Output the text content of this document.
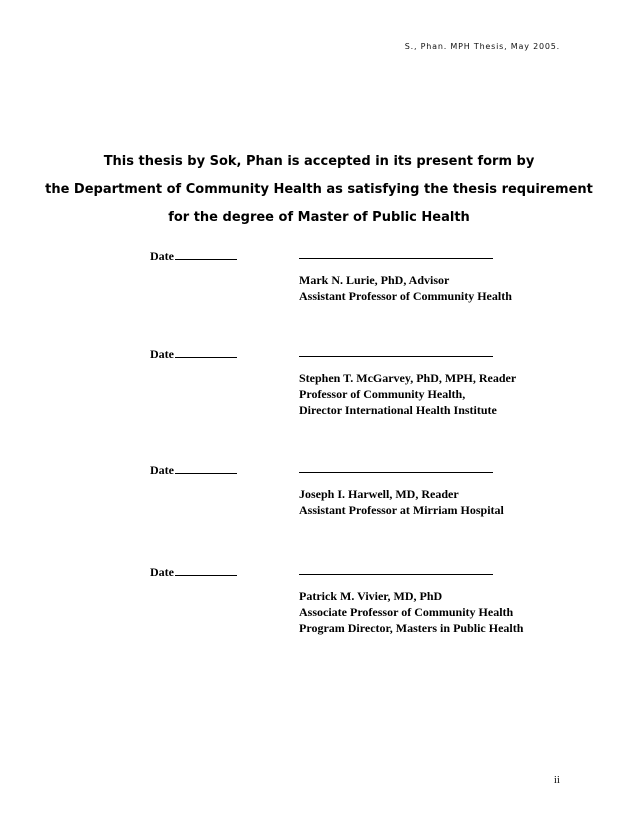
S., Phan. MPH Thesis, May 2005.
This thesis by Sok, Phan is accepted in its present form by
the Department of Community Health as satisfying the thesis requirement
for the degree of Master of Public Health
Date
Mark N. Lurie, PhD, Advisor
Assistant Professor of Community Health
Date
Stephen T. McGarvey, PhD, MPH, Reader
Professor of Community Health,
Director International Health Institute
Date
Joseph I. Harwell, MD, Reader
Assistant Professor at Mirriam Hospital
Date
Patrick M. Vivier, MD, PhD
Associate Professor of Community Health
Program Director, Masters in Public Health
ii
